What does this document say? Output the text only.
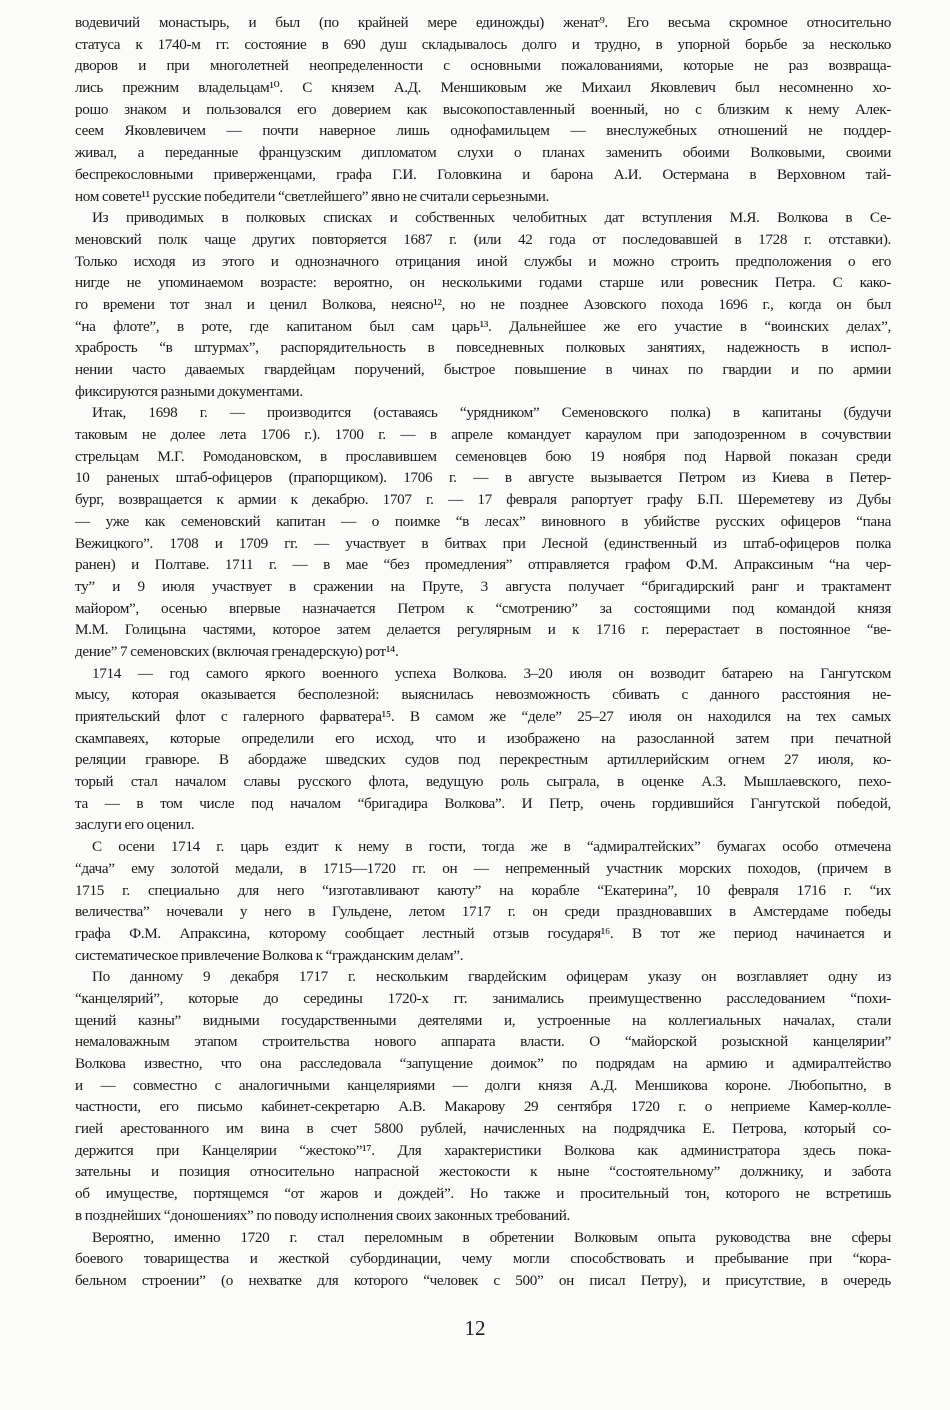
водевичий монастырь, и был (по крайней мере единожды) женат⁹. Его весьма скромное относительно
статуса к 1740-м гг. состояние в 690 душ складывалось долго и трудно, в упорной борьбе за несколько
дворов и при многолетней неопределенности с основными пожалованиями, которые не раз возвраща-
лись прежним владельцам¹⁰. С князем А.Д. Меншиковым же Михаил Яковлевич был несомненно хо-
рошо знаком и пользовался его доверием как высокопоставленный военный, но с близким к нему Алек-
сеем Яковлевичем — почти наверное лишь однофамильцем — внеслужебных отношений не поддер-
живал, а переданные французским дипломатом слухи о планах заменить обоими Волковыми, своими
беспрекословными приверженцами, графа Г.И. Головкина и барона А.И. Остермана в Верховном тай-
ном совете¹¹ русские победители “светлейшего” явно не считали серьезными.
Из приводимых в полковых списках и собственных челобитных дат вступления М.Я. Волкова в Се-
меновский полк чаще других повторяется 1687 г. (или 42 года от последовавшей в 1728 г. отставки).
Только исходя из этого и однозначного отрицания иной службы и можно строить предположения о его
нигде не упоминаемом возрасте: вероятно, он несколькими годами старше или ровесник Петра. С како-
го времени тот знал и ценил Волкова, неясно¹², но не позднее Азовского похода 1696 г., когда он был
“на флоте”, в роте, где капитаном был сам царь¹³. Дальнейшее же его участие в “воинских делах”,
храбрость “в штурмах”, распорядительность в повседневных полковых занятиях, надежность в испол-
нении часто даваемых гвардейцам поручений, быстрое повышение в чинах по гвардии и по армии
фиксируются разными документами.
Итак, 1698 г. — производится (оставаясь “урядником” Семеновского полка) в капитаны (будучи
таковым не долее лета 1706 г.). 1700 г. — в апреле командует караулом при заподозренном в сочувствии
стрельцам М.Г. Ромодановском, в прославившем семеновцев бою 19 ноября под Нарвой показан среди
10 раненых штаб-офицеров (прапорщиком). 1706 г. — в августе вызывается Петром из Киева в Петер-
бург, возвращается к армии к декабрю. 1707 г. — 17 февраля рапортует графу Б.П. Шереметеву из Дубы
— уже как семеновский капитан — о поимке “в лесах” виновного в убийстве русских офицеров “пана
Вежицкого”. 1708 и 1709 гг. — участвует в битвах при Лесной (единственный из штаб-офицеров полка
ранен) и Полтаве. 1711 г. — в мае “без промедления” отправляется графом Ф.М. Апраксиным “на чер-
ту” и 9 июля участвует в сражении на Пруте, 3 августа получает “бригадирский ранг и трактамент
майором”, осенью впервые назначается Петром к “смотрению” за состоящими под командой князя
М.М. Голицына частями, которое затем делается регулярным и к 1716 г. перерастает в постоянное “ве-
дение” 7 семеновских (включая гренадерскую) рот¹⁴.
1714 — год самого яркого военного успеха Волкова. 3–20 июля он возводит батарею на Гангутском
мысу, которая оказывается бесполезной: выяснилась невозможность сбивать с данного расстояния не-
приятельский флот с галерного фарватера¹⁵. В самом же “деле” 25–27 июля он находился на тех самых
скампавеях, которые определили его исход, что и изображено на разосланной затем при печатной
реляции гравюре. В абордаже шведских судов под перекрестным артиллерийским огнем 27 июля, ко-
торый стал началом славы русского флота, ведущую роль сыграла, в оценке А.З. Мышлаевского, пехо-
та — в том числе под началом “бригадира Волкова”. И Петр, очень гордившийся Гангутской победой,
заслуги его оценил.
С осени 1714 г. царь ездит к нему в гости, тогда же в “адмиралтейских” бумагах особо отмечена
“дача” ему золотой медали, в 1715—1720 гг. он — непременный участник морских походов, (причем в
1715 г. специально для него “изготавливают каюту” на корабле “Екатерина”, 10 февраля 1716 г. “их
величества” ночевали у него в Гульдене, летом 1717 г. он среди праздновавших в Амстердаме победы
графа Ф.М. Апраксина, которому сообщает лестный отзыв государя¹⁶. В тот же период начинается и
систематическое привлечение Волкова к “гражданским делам”.
По данному 9 декабря 1717 г. нескольким гвардейским офицерам указу он возглавляет одну из
“канцелярий”, которые до середины 1720-х гг. занимались преимущественно расследованием “похи-
щений казны” видными государственными деятелями и, устроенные на коллегиальных началах, стали
немаловажным этапом строительства нового аппарата власти. О “майорской розыскной канцелярии”
Волкова известно, что она расследовала “запущение доимок” по подрядам на армию и адмиралтейство
и — совместно с аналогичными канцеляриями — долги князя А.Д. Меншикова короне. Любопытно, в
частности, его письмо кабинет-секретарю А.В. Макарову 29 сентября 1720 г. о неприеме Камер-колле-
гией арестованного им вина в счет 5800 рублей, начисленных на подрядчика Е. Петрова, который со-
держится при Канцелярии “жестоко”¹⁷. Для характеристики Волкова как администратора здесь пока-
зательны и позиция относительно напрасной жестокости к ныне “состоятельному” должнику, и забота
об имуществе, портящемся “от жаров и дождей”. Но также и просительный тон, которого не встретишь
в позднейших “доношениях” по поводу исполнения своих законных требований.
Вероятно, именно 1720 г. стал переломным в обретении Волковым опыта руководства вне сферы
боевого товарищества и жесткой субординации, чему могли способствовать и пребывание при “кора-
бельном строении” (о нехватке для которого “человек с 500” он писал Петру), и присутствие, в очередь
12
